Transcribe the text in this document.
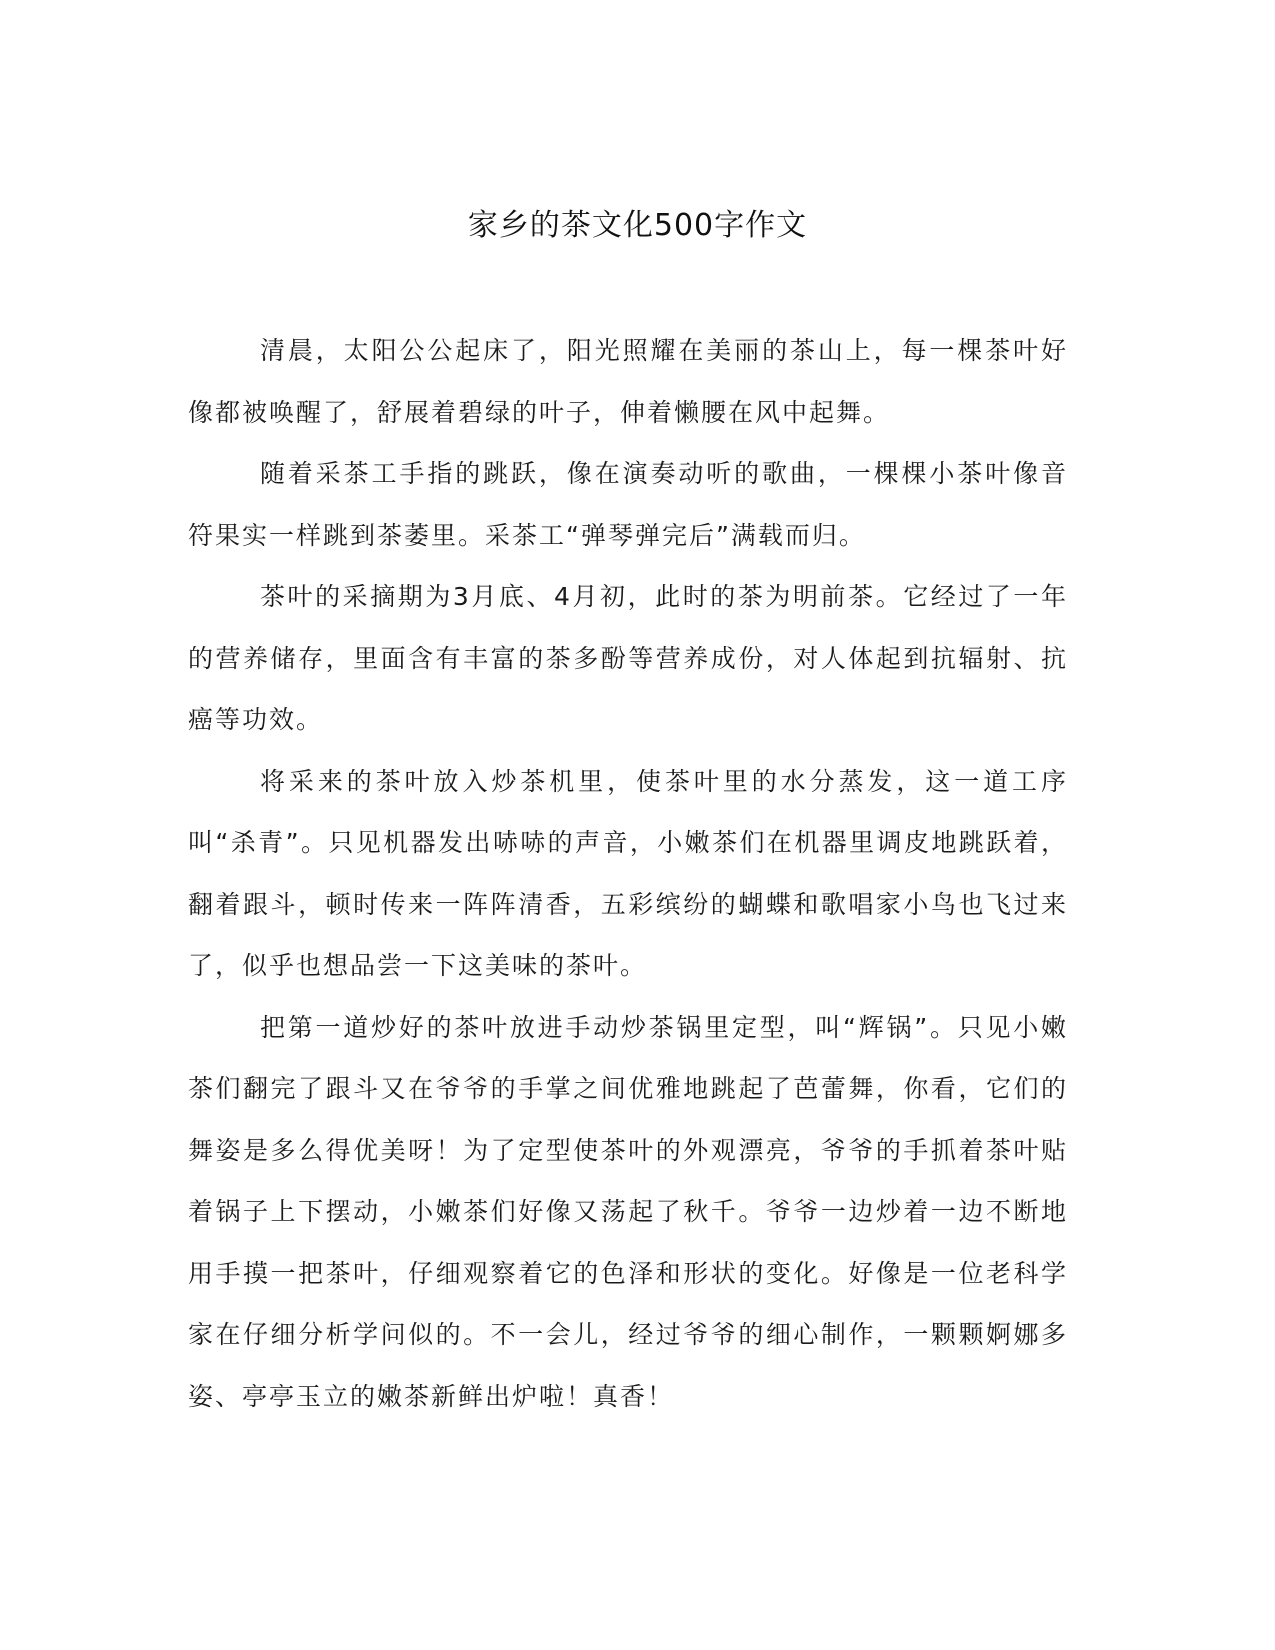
家乡的茶文化500字作文

清晨，太阳公公起床了，阳光照耀在美丽的茶山上，每一棵茶叶好像都被唤醒了，舒展着碧绿的叶子，伸着懒腰在风中起舞。

随着采茶工手指的跳跃，像在演奏动听的歌曲，一棵棵小茶叶像音符果实一样跳到茶萎里。采茶工“弹琴弹完后”满载而归。

茶叶的采摘期为3月底、4月初，此时的茶为明前茶。它经过了一年的营养储存，里面含有丰富的茶多酚等营养成份，对人体起到抗辐射、抗癌等功效。

将采来的茶叶放入炒茶机里，使茶叶里的水分蒸发，这一道工序叫“杀青”。只见机器发出哧哧的声音，小嫩茶们在机器里调皮地跳跃着，翻着跟斗，顿时传来一阵阵清香，五彩缤纷的蝴蝶和歌唱家小鸟也飞过来了，似乎也想品尝一下这美味的茶叶。

把第一道炒好的茶叶放进手动炒茶锅里定型，叫“辉锅”。只见小嫩茶们翻完了跟斗又在爷爷的手掌之间优雅地跳起了芭蕾舞，你看，它们的舞姿是多么得优美呀！为了定型使茶叶的外观漂亮，爷爷的手抓着茶叶贴着锅子上下摆动，小嫩茶们好像又荡起了秋千。爷爷一边炒着一边不断地用手摸一把茶叶，仔细观察着它的色泽和形状的变化。好像是一位老科学家在仔细分析学问似的。不一会儿，经过爷爷的细心制作，一颗颗婀娜多姿、亭亭玉立的嫩茶新鲜出炉啦！真香！
